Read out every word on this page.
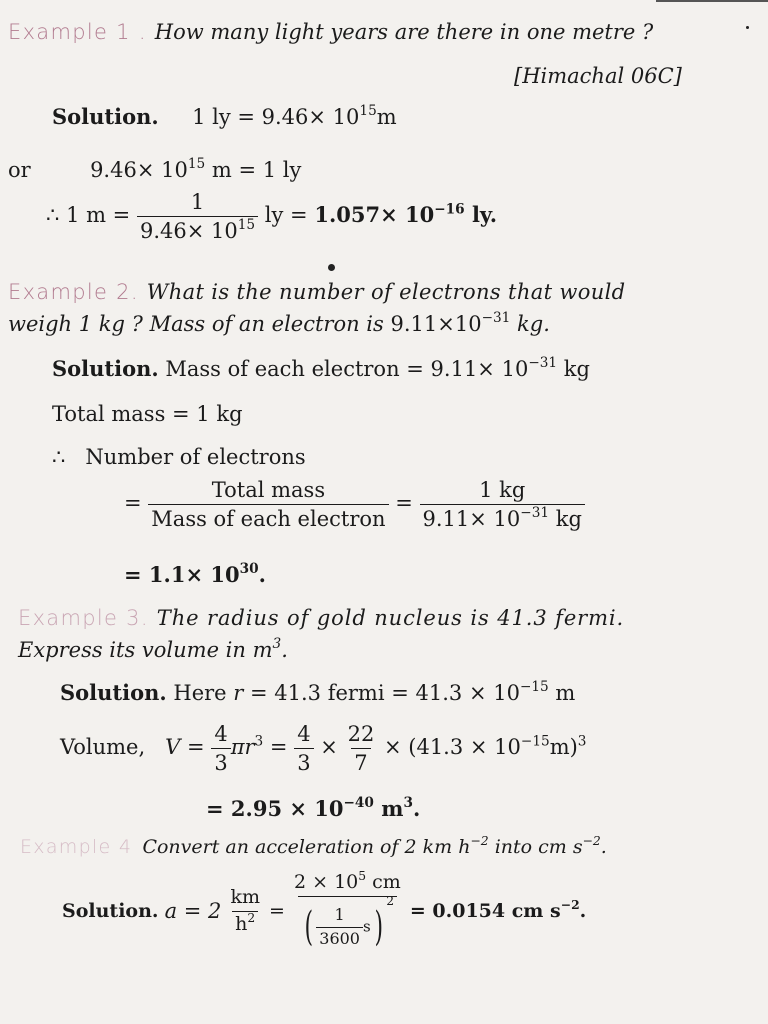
Example 1 . How many light years are there in one metre ?
[Himachal 06C]
Solution. 1 ly = $9.46\times 10^{15}m$
or	$9.46\times 10^{15}$ m = 1 ly
∴ 1 $m = \frac{1}{9.46\times 10^{15}}$ ly = $1.057\times 10^{-16}$ ly.
Example 2. What is the number of electrons that would
weigh 1 kg ? Mass of an electron is $9.11\times 10^{-31}$ kg.
Solution. Mass of each electron = $9.11\times 10^{-31}$ kg
Total mass = 1 kg
∴ Number of electrons
= $\frac{\text{Total mass}}{\text{Mass of each electron}} = \frac{1 kg}{9.11\times 10^{-31} kg}$
= $1.1\times 10^{30}$.
Example 3. The radius of gold nucleus is 41.3 fermi.
Express its volume in $m^3$.
Solution. Here r = 41.3 fermi = $41.3 \times 10^{-15}$ m
Volume, $V = \frac{4}{3} \pi r^3 = \frac{4}{3} \times \frac{22}{7} \times (41.3 \times 10^{-15}m)^3$
= $2.95 \times 10^{-40}$ $m^3$.
Example 4 Convert an acceleration of 2 km $h^{-2}$ into cm $s^{-2}$.
Solution. $a = 2 \frac{km}{h^2} = \frac{2 \times 10^5 cm}{( \frac{1}{3600} s)^2} = 0.0154$ cm $s^{-2}$.
